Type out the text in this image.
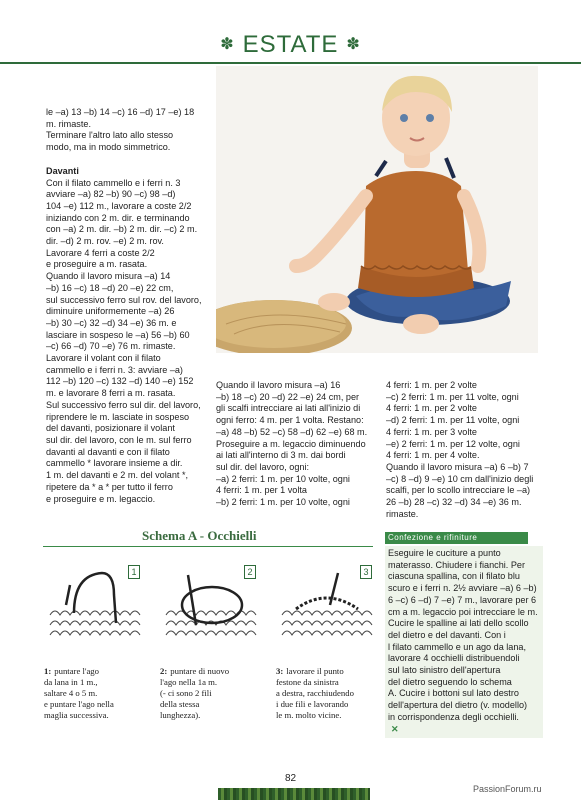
✽ ESTATE ✽

le –a) 13 –b) 14 –c) 16 –d) 17 –e) 18

m. rimaste.

Terminare l'altro lato allo stesso

modo, ma in modo simmetrico.

Davanti

Con il filato cammello e i ferri n. 3

avviare –a) 82 –b) 90 –c) 98 –d)

104 –e) 112 m., lavorare a coste 2/2

iniziando con 2 m. dir. e terminando

con –a) 2 m. dir. –b) 2 m. dir. –c) 2 m.

dir. –d) 2 m. rov. –e) 2 m. rov.

Lavorare 4 ferri a coste 2/2

e proseguire a m. rasata.

Quando il lavoro misura –a) 14

–b) 16 –c) 18 –d) 20 –e) 22 cm,

sul successivo ferro sul rov. del lavoro,

diminuire uniformemente –a) 26

–b) 30 –c) 32 –d) 34 –e) 36 m. e

lasciare in sospeso le –a) 56 –b) 60

–c) 66 –d) 70 –e) 76 m. rimaste.

Lavorare il volant con il filato

cammello e i ferri n. 3: avviare –a)

112 –b) 120 –c) 132 –d) 140 –e) 152

m. e lavorare 8 ferri a m. rasata.

Sul successivo ferro sul dir. del lavoro,

riprendere le m. lasciate in sospeso

del davanti, posizionare il volant

sul dir. del lavoro, con le m. sul ferro

davanti al davanti e con il filato

cammello * lavorare insieme a dir.

1 m. del davanti e 2 m. del volant *,

ripetere da * a * per tutto il ferro

e proseguire e m. legaccio.

Quando il lavoro misura –a) 16

–b) 18 –c) 20 –d) 22 –e) 24 cm, per

gli scalfi intrecciare ai lati all'inizio di

ogni ferro: 4 m. per 1 volta. Restano:

–a) 48 –b) 52 –c) 58 –d) 62 –e) 68 m.

Proseguire a m. legaccio diminuendo

ai lati all'interno di 3 m. dai bordi

sul dir. del lavoro, ogni:

–a) 2 ferri: 1 m. per 10 volte, ogni

4 ferri: 1 m. per 1 volta

–b) 2 ferri: 1 m. per 10 volte, ogni

4 ferri: 1 m. per 2 volte

–c) 2 ferri: 1 m. per 11 volte, ogni

4 ferri: 1 m. per 2 volte

–d) 2 ferri: 1 m. per 11 volte, ogni

4 ferri: 1 m. per 3 volte

–e) 2 ferri: 1 m. per 12 volte, ogni

4 ferri: 1 m. per 4 volte.

Quando il lavoro misura –a) 6 –b) 7

–c) 8 –d) 9 –e) 10 cm dall'inizio degli

scalfi, per lo scollo intrecciare le –a)

26 –b) 28 –c) 32 –d) 34 –e) 36 m.

rimaste.

Schema A - Occhielli
1	2	3
1: puntare l'ago
da lana in 1 m.,
saltare 4 o 5 m.
e puntare l'ago nella
maglia successiva.
2: puntare di nuovo
l'ago nella 1a m.
(- ci sono 2 fili
della stessa
lunghezza).
3: lavorare il punto
festone da sinistra
a destra, racchiudendo
i due fili e lavorando
le m. molto vicine.
Confezione e rifiniture

Eseguire le cuciture a punto

materasso. Chiudere i fianchi. Per

ciascuna spallina, con il filato blu

scuro e i ferri n. 2½ avviare –a) 6 –b)

6 –c) 6 –d) 7 –e) 7 m., lavorare per 6

cm a m. legaccio poi intrecciare le m.

Cucire le spalline ai lati dello scollo

del dietro e del davanti. Con i

l filato cammello e un ago da lana,

lavorare 4 occhielli distribuendoli

sul lato sinistro dell'apertura

del dietro seguendo lo schema

A. Cucire i bottoni sul lato destro

dell'apertura del dietro (v. modello)

in corrispondenza degli occhielli.

✕
82
PassionForum.ru
